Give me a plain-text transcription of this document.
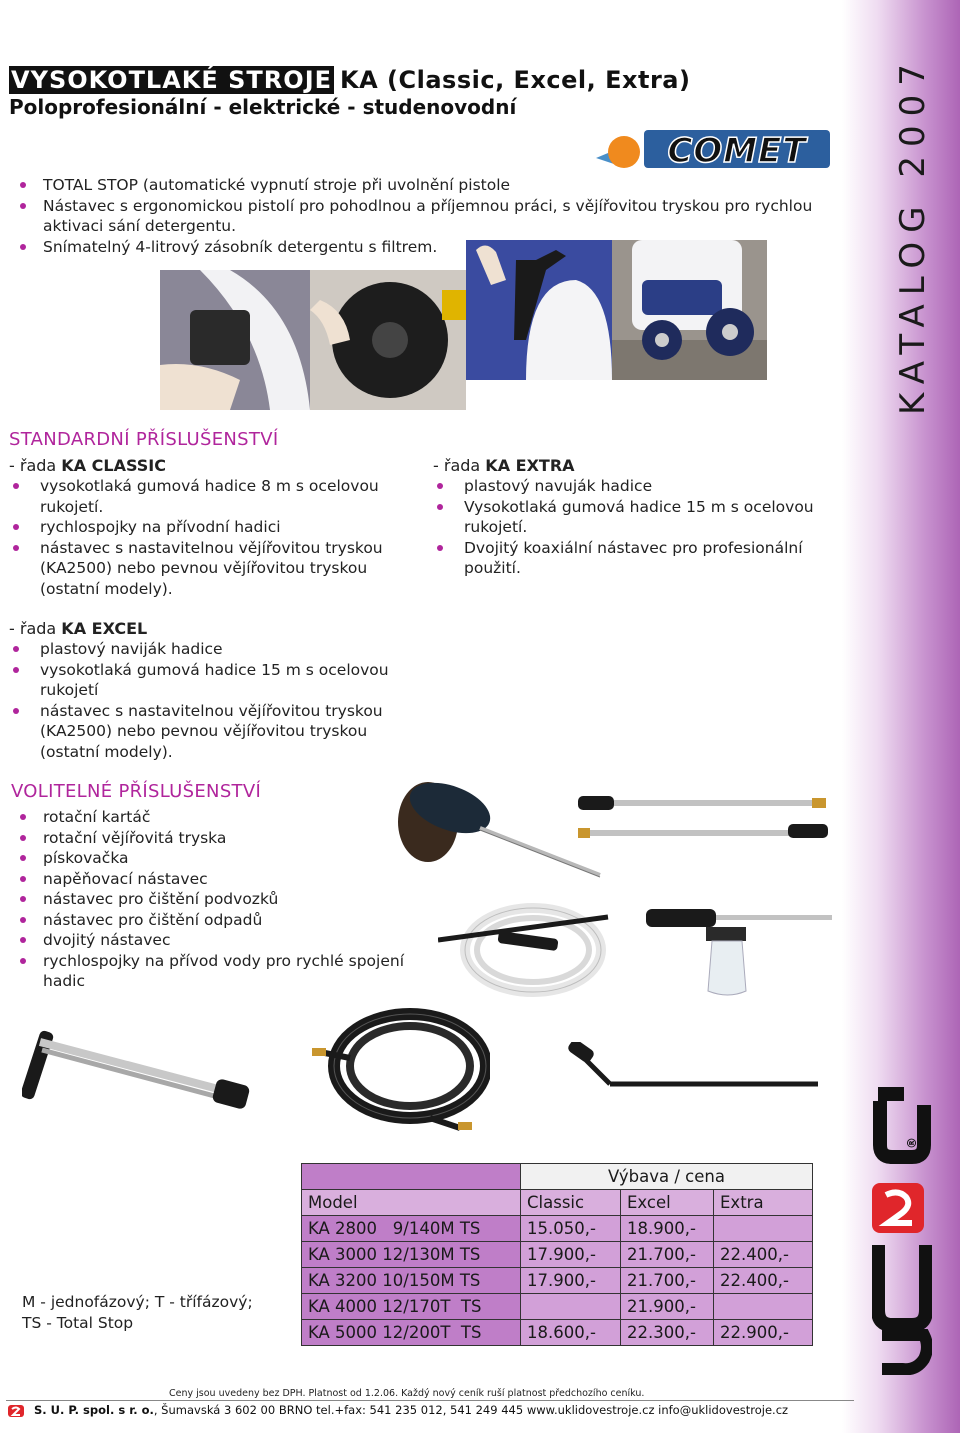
KATALOG 2007
®
VYSOKOTLAKÉ STROJE KA (Classic, Excel, Extra)
Poloprofesionální - elektrické - studenovodní
COMET
TOTAL STOP (automatické vypnutí stroje při uvolnění pistole
Nástavec s ergonomickou pistolí pro pohodlnou a příjemnou práci, s vějířovitou tryskou pro rychlou aktivaci sání detergentu.
Snímatelný 4-litrový zásobník detergentu s filtrem.
STANDARDNÍ PŘÍSLUŠENSTVÍ
- řada KA CLASSIC
vysokotlaká gumová hadice 8 m s ocelovou rukojetí.
rychlospojky na přívodní hadici
nástavec s nastavitelnou vějířovitou tryskou (KA2500) nebo pevnou vějířovitou tryskou (ostatní modely).
- řada KA EXTRA
plastový navuják hadice
Vysokotlaká gumová hadice 15 m s ocelovou rukojetí.
Dvojitý koaxiální nástavec pro profesionální použití.
- řada KA EXCEL
plastový naviják hadice
vysokotlaká gumová hadice 15 m s ocelovou rukojetí
nástavec s nastavitelnou vějířovitou tryskou (KA2500) nebo pevnou vějířovitou tryskou (ostatní modely).
VOLITELNÉ PŘÍSLUŠENSTVÍ
rotační kartáč
rotační vějířovitá tryska
pískovačka
napěňovací nástavec
nástavec pro čištění podvozků
nástavec pro čištění odpadů
dvojitý nástavec
rychlospojky na přívod vody pro rychlé spojení hadic
M - jednofázový; T - třífázový;
TS - Total Stop
	Výbava / cena		
Model	Classic	Excel	Extra
KA 2800   9/140M TS	15.050,-	18.900,-	
KA 3000 12/130M TS	17.900,-	21.700,-	22.400,-
KA 3200 10/150M TS	17.900,-	21.700,-	22.400,-
KA 4000 12/170T  TS		21.900,-	
KA 5000 12/200T  TS	18.600,-	22.300,-	22.900,-
Ceny jsou uvedeny bez DPH. Platnost od 1.2.06. Každý nový ceník ruší platnost předchozího ceníku.
S. U. P. spol. s r. o., Šumavská 3 602 00 BRNO tel.+fax: 541 235 012, 541 249 445 www.uklidovestroje.cz info@uklidovestroje.cz
